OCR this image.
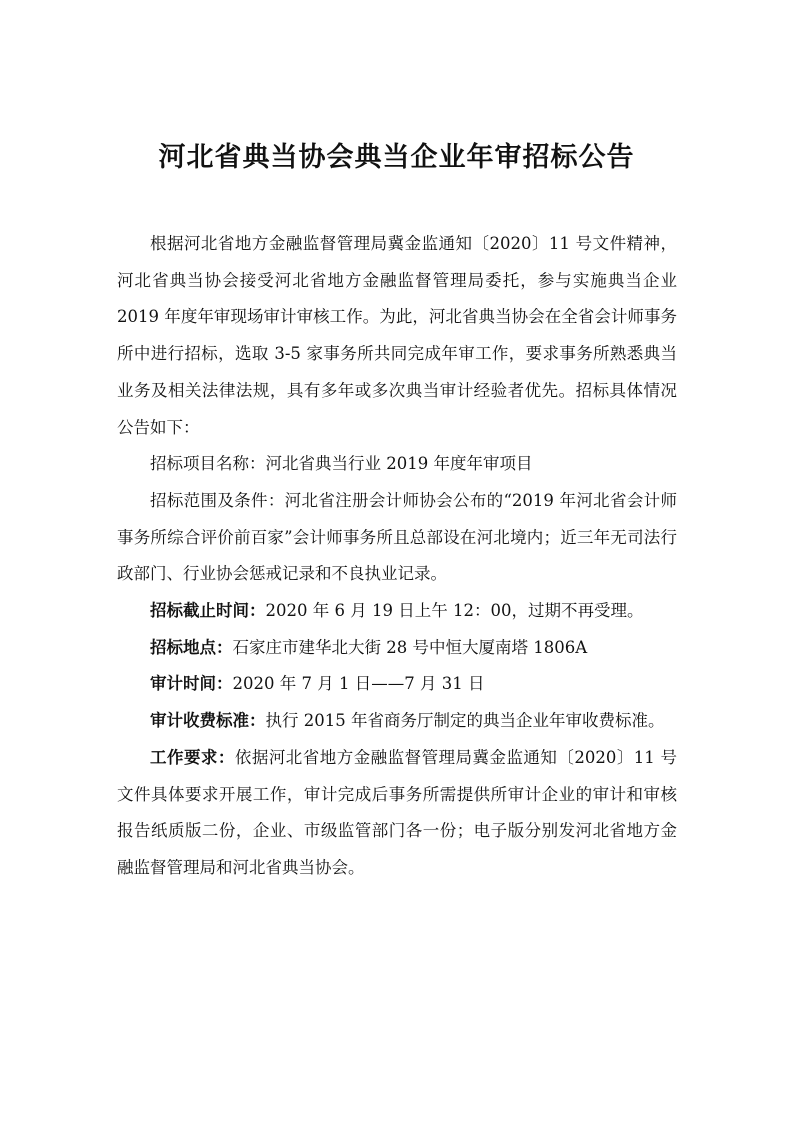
河北省典当协会典当企业年审招标公告

根据河北省地方金融监督管理局冀金监通知〔2020〕11 号文件精神，河北省典当协会接受河北省地方金融监督管理局委托，参与实施典当企业 2019 年度年审现场审计审核工作。为此，河北省典当协会在全省会计师事务所中进行招标，选取 3-5 家事务所共同完成年审工作，要求事务所熟悉典当业务及相关法律法规，具有多年或多次典当审计经验者优先。招标具体情况公告如下：

招标项目名称：河北省典当行业 2019 年度年审项目

招标范围及条件：河北省注册会计师协会公布的“2019 年河北省会计师事务所综合评价前百家”会计师事务所且总部设在河北境内；近三年无司法行政部门、行业协会惩戒记录和不良执业记录。

招标截止时间：2020 年 6 月 19 日上午 12：00，过期不再受理。

招标地点：石家庄市建华北大街 28 号中恒大厦南塔 1806A

审计时间：2020 年 7 月 1 日——7 月 31 日

审计收费标准：执行 2015 年省商务厅制定的典当企业年审收费标准。

工作要求：依据河北省地方金融监督管理局冀金监通知〔2020〕11 号文件具体要求开展工作，审计完成后事务所需提供所审计企业的审计和审核报告纸质版二份，企业、市级监管部门各一份；电子版分别发河北省地方金融监督管理局和河北省典当协会。
